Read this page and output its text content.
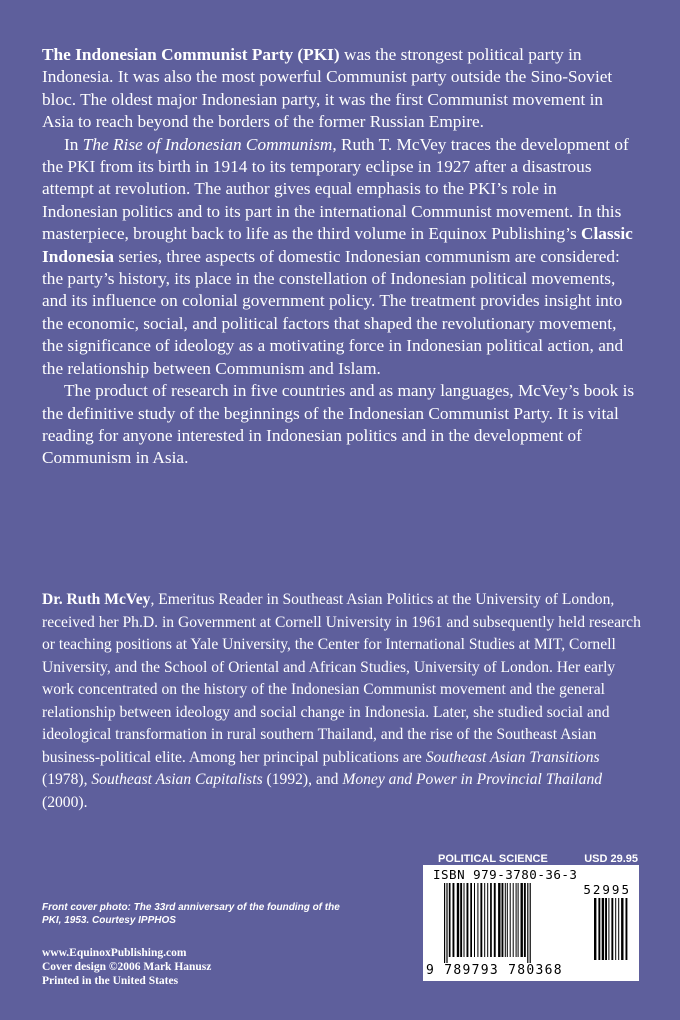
The Indonesian Communist Party (PKI) was the strongest political party in Indonesia. It was also the most powerful Communist party outside the Sino-Soviet bloc. The oldest major Indonesian party, it was the first Communist movement in Asia to reach beyond the borders of the former Russian Empire.

In The Rise of Indonesian Communism, Ruth T. McVey traces the development of the PKI from its birth in 1914 to its temporary eclipse in 1927 after a disastrous attempt at revolution. The author gives equal emphasis to the PKI’s role in Indonesian politics and to its part in the international Communist movement. In this masterpiece, brought back to life as the third volume in Equinox Publishing’s Classic Indonesia series, three aspects of domestic Indonesian communism are considered: the party’s history, its place in the constellation of Indonesian political movements, and its influence on colonial government policy. The treatment provides insight into the economic, social, and political factors that shaped the revolutionary movement, the significance of ideology as a motivating force in Indonesian political action, and the relationship between Communism and Islam.

The product of research in five countries and as many languages, McVey’s book is the definitive study of the beginnings of the Indonesian Communist Party. It is vital reading for anyone interested in Indonesian politics and in the development of Communism in Asia.

Dr. Ruth McVey, Emeritus Reader in Southeast Asian Politics at the University of London, received her Ph.D. in Government at Cornell University in 1961 and subsequently held research or teaching positions at Yale University, the Center for International Studies at MIT, Cornell University, and the School of Oriental and African Studies, University of London. Her early work concentrated on the history of the Indonesian Communist movement and the general relationship between ideology and social change in Indonesia. Later, she studied social and ideological transformation in rural southern Thailand, and the rise of the Southeast Asian business-political elite. Among her principal publications are Southeast Asian Transitions (1978), Southeast Asian Capitalists (1992), and Money and Power in Provincial Thailand (2000).

Front cover photo: The 33rd anniversary of the founding of the PKI, 1953. Courtesy IPPHOS
www.EquinoxPublishing.com
Cover design ©2006 Mark Hanusz
Printed in the United States
POLITICAL SCIENCE	USD 29.95
ISBN 979-3780-36-3
52995
9 789793 780368
